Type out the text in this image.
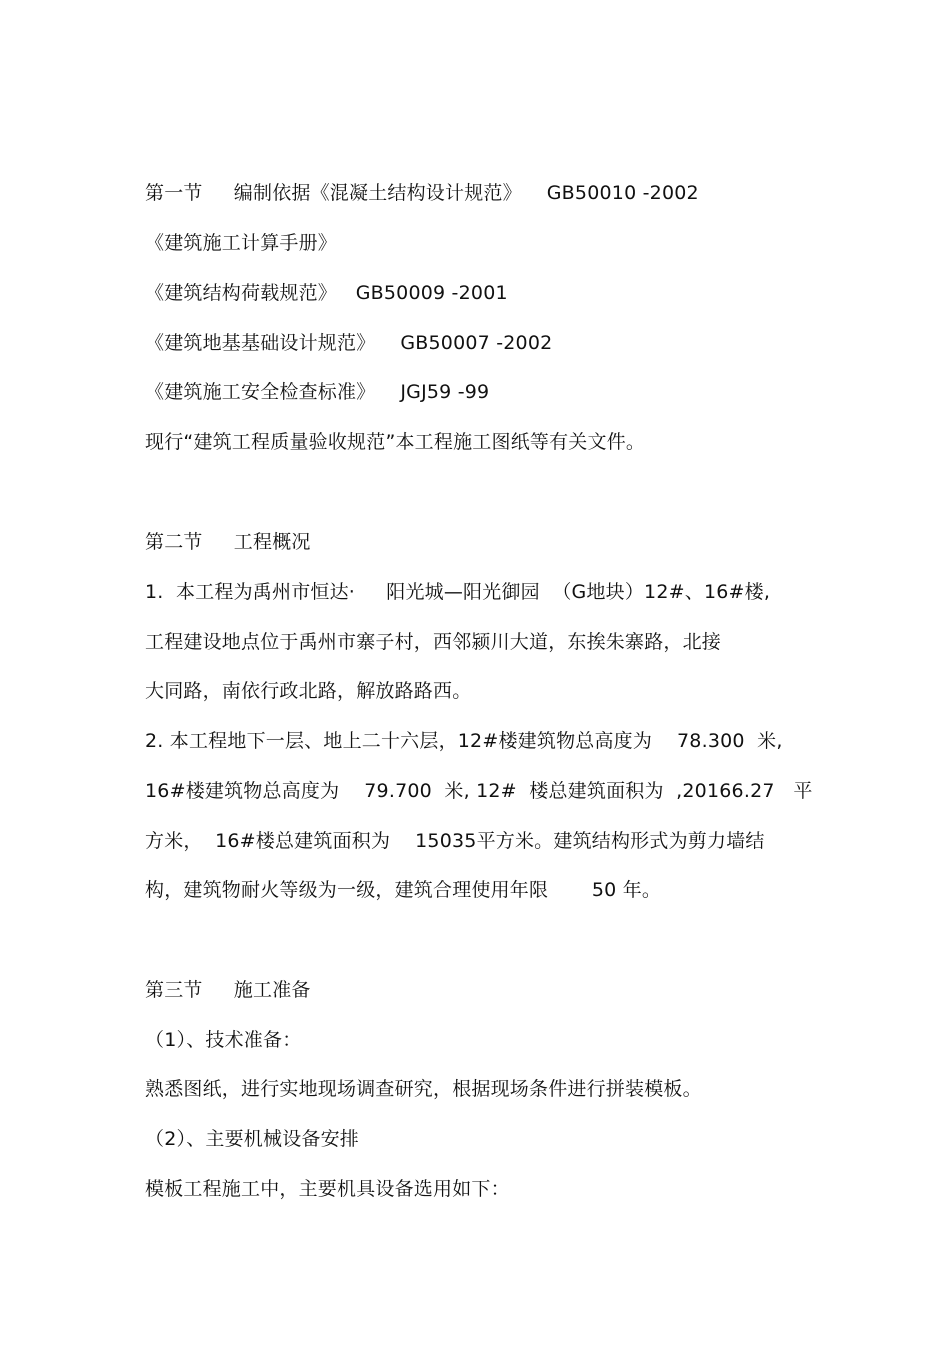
第一节     编制依据《混凝土结构设计规范》    GB50010 -2002
《建筑施工计算手册》
《建筑结构荷载规范》   GB50009 -2001
《建筑地基基础设计规范》    GB50007 -2002
《建筑施工安全检查标准》    JGJ59 -99
现行“建筑工程质量验收规范”本工程施工图纸等有关文件。
第二节     工程概况
1.  本工程为禹州市恒达·     阳光城—阳光御园  （G地块）12#、16#楼,
工程建设地点位于禹州市寨子村，西邻颍川大道，东挨朱寨路，北接
大同路，南依行政北路，解放路路西。
2. 本工程地下一层、地上二十六层，12#楼建筑物总高度为    78.300  米,
16#楼建筑物总高度为    79.700  米, 12#  楼总建筑面积为  ,20166.27   平
方米，  16#楼总建筑面积为    15035平方米。建筑结构形式为剪力墙结
构，建筑物耐火等级为一级，建筑合理使用年限       50 年。
第三节     施工准备
（1）、技术准备：
熟悉图纸，进行实地现场调查研究，根据现场条件进行拼装模板。
（2）、主要机械设备安排
模板工程施工中，主要机具设备选用如下：
